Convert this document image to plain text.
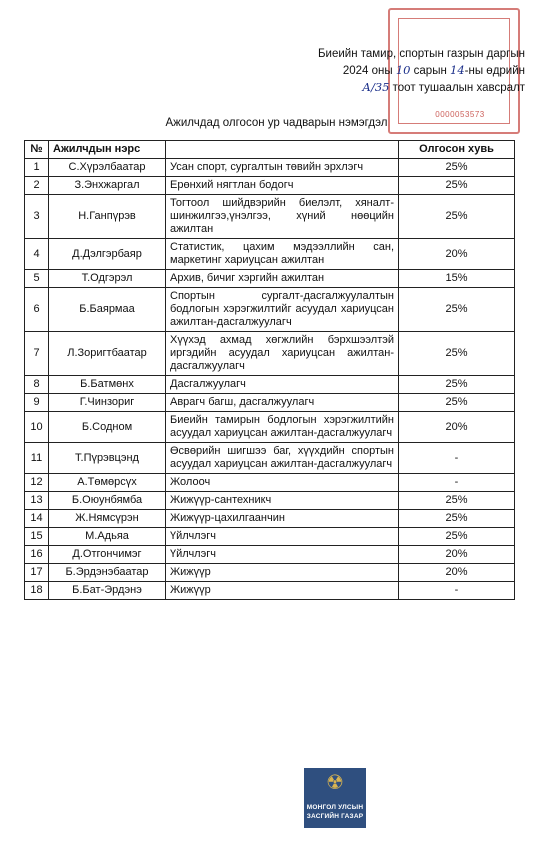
0000053573
Биеийн тамир, спортын газрын даргын
2024 оны 10 сарын 14-ны өдрийн
А/35 тоот тушаалын хавсралт
Ажилчдад олгосон ур чадварын нэмэгдэл
№	Ажилчдын нэрс		Олгосон хувь
1	С.Хүрэлбаатар	Усан спорт, сургалтын төвийн эрхлэгч	25%
2	З.Энхжаргал	Ерөнхий нягтлан бодогч	25%
3	Н.Ганпүрэв	Тогтоол шийдвэрийн биелэлт, хяналт-шинжилгээ,үнэлгээ, хүний нөөцийн ажилтан	25%
4	Д.Дэлгэрбаяр	Статистик, цахим мэдээллийн сан, маркетинг хариуцсан ажилтан	20%
5	Т.Одгэрэл	Архив, бичиг хэргийн ажилтан	15%
6	Б.Баярмаа	Спортын сургалт-дасгалжуулалтын бодлогын хэрэгжилтийг асуудал хариуцсан ажилтан-дасгалжуулагч	25%
7	Л.Зоригтбаатар	Хүүхэд ахмад хөгжлийн бэрхшээлтэй иргэдийн асуудал хариуцсан ажилтан-дасгалжуулагч	25%
8	Б.Батмөнх	Дасгалжуулагч	25%
9	Г.Чинзориг	Аврагч багш, дасгалжуулагч	25%
10	Б.Содном	Биеийн тамирын бодлогын хэрэгжилтийн асуудал хариуцсан ажилтан-дасгалжуулагч	20%
11	Т.Пүрэвцэнд	Өсвөрийн шигшээ баг, хүүхдийн спортын асуудал хариуцсан ажилтан-дасгалжуулагч	-
12	А.Төмөрсүх	Жолооч	-
13	Б.Оюунбямба	Жижүүр-сантехникч	25%
14	Ж.Нямсүрэн	Жижүүр-цахилгаанчин	25%
15	М.Адьяа	Үйлчлэгч	25%
16	Д.Отгончимэг	Үйлчлэгч	20%
17	Б.Эрдэнэбаатар	Жижүүр	20%
18	Б.Бат-Эрдэнэ	Жижүүр	-
☢
МОНГОЛ УЛСЫН
ЗАСГИЙН ГАЗАР
